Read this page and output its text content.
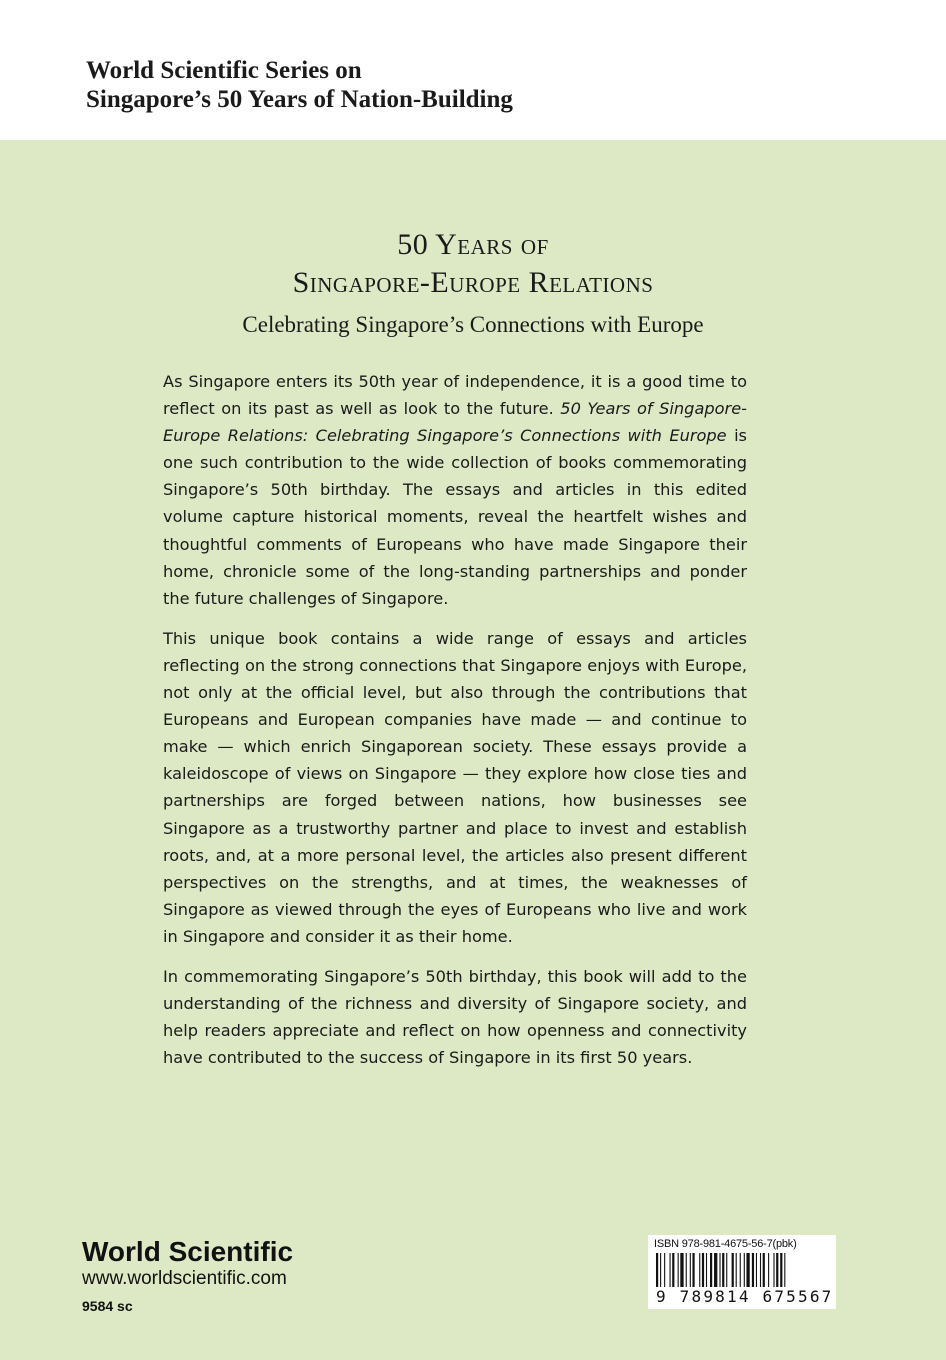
World Scientific Series on
Singapore’s 50 Years of Nation-Building
50 Years of
Singapore-Europe Relations
Celebrating Singapore’s Connections with Europe

As Singapore enters its 50th year of independence, it is a good time to reflect on its past as well as look to the future. 50 Years of Singapore-Europe Relations: Celebrating Singapore’s Connections with Europe is one such contribution to the wide collection of books commemorating Singapore’s 50th birthday. The essays and articles in this edited volume capture historical moments, reveal the heartfelt wishes and thoughtful comments of Europeans who have made Singapore their home, chronicle some of the long-standing partnerships and ponder the future challenges of Singapore.

This unique book contains a wide range of essays and articles reflecting on the strong connections that Singapore enjoys with Europe, not only at the official level, but also through the contributions that Europeans and European companies have made — and continue to make — which enrich Singaporean society. These essays provide a kaleidoscope of views on Singapore — they explore how close ties and partnerships are forged between nations, how businesses see Singapore as a trustworthy partner and place to invest and establish roots, and, at a more personal level, the articles also present different perspectives on the strengths, and at times, the weaknesses of Singapore as viewed through the eyes of Europeans who live and work in Singapore and consider it as their home.

In commemorating Singapore’s 50th birthday, this book will add to the understanding of the richness and diversity of Singapore society, and help readers appreciate and reflect on how openness and connectivity have contributed to the success of Singapore in its first 50 years.

World Scientific
www.worldscientific.com
9584 sc
ISBN 978-981-4675-56-7(pbk)
9 789814 675567
